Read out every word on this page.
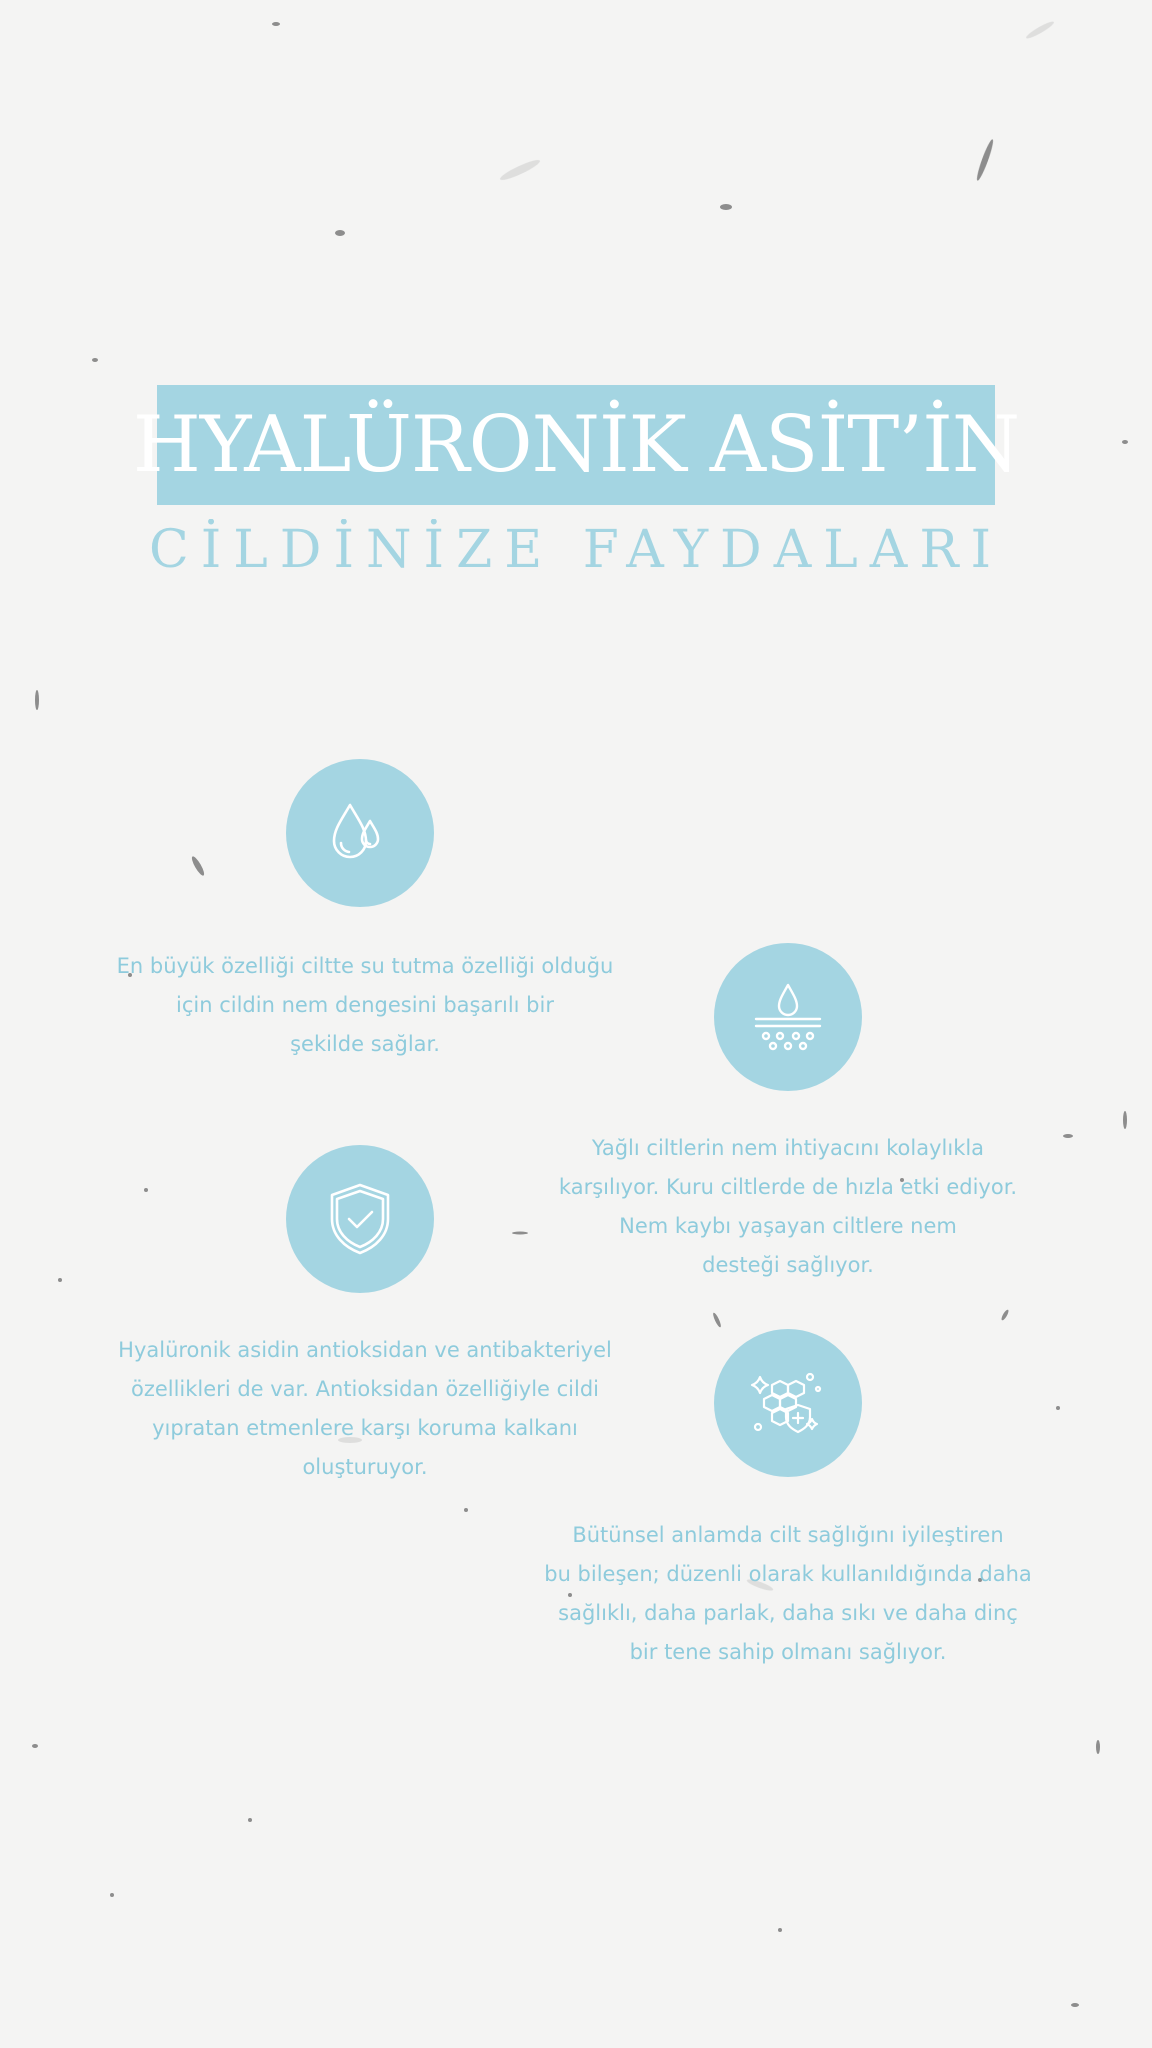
HYALÜRONİK ASİT’İN
CİLDİNİZE FAYDALARI
En büyük özelliği ciltte su tutma özelliği olduğu
için cildin nem dengesini başarılı bir
şekilde sağlar.
Yağlı ciltlerin nem ihtiyacını kolaylıkla
karşılıyor. Kuru ciltlerde de hızla etki ediyor.
Nem kaybı yaşayan ciltlere nem
desteği sağlıyor.
Hyalüronik asidin antioksidan ve antibakteriyel
özellikleri de var. Antioksidan özelliğiyle cildi
yıpratan etmenlere karşı koruma kalkanı
oluşturuyor.
Bütünsel anlamda cilt sağlığını iyileştiren
bu bileşen; düzenli olarak kullanıldığında daha
sağlıklı, daha parlak, daha sıkı ve daha dinç
bir tene sahip olmanı sağlıyor.
